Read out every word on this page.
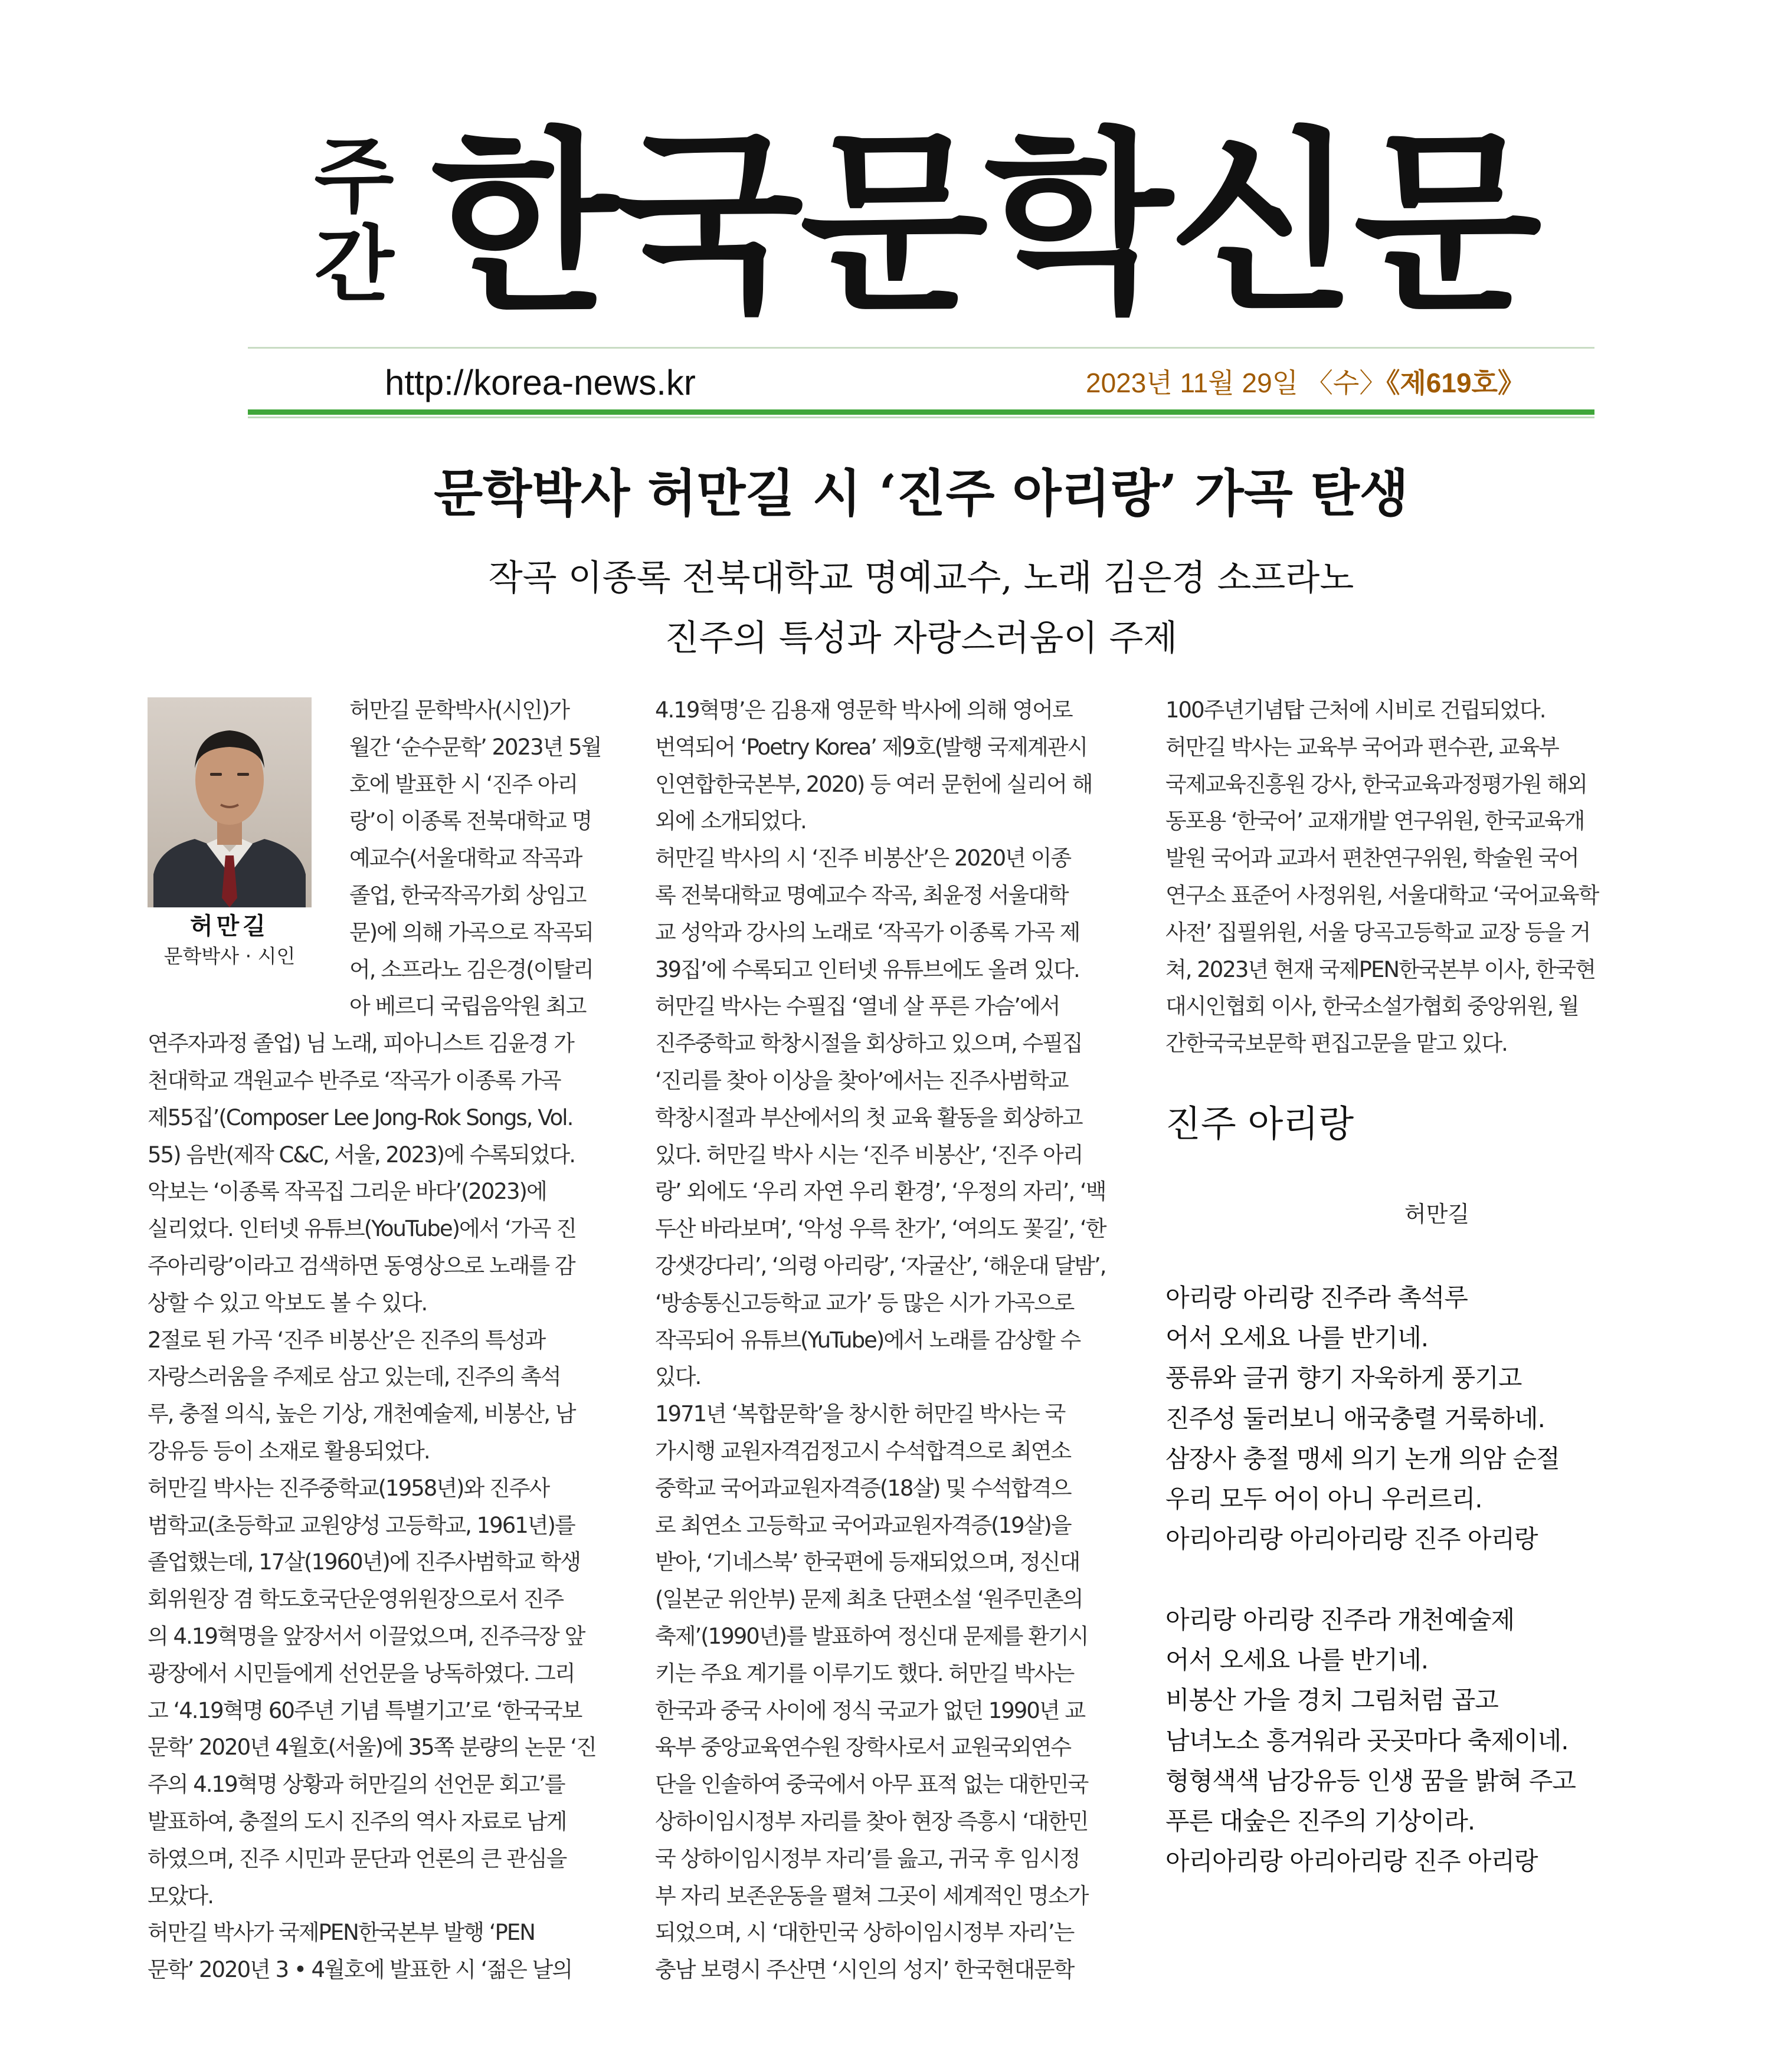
주간 한국문학신문
http://korea-news.kr	2023년 11월 29일 〈수〉《제619호》
문학박사 허만길 시 ‘진주 아리랑’ 가곡 탄생
작곡 이종록 전북대학교 명예교수, 노래 김은경 소프라노
진주의 특성과 자랑스러움이 주제
허만길
문학박사 · 시인
허만길 문학박사(시인)가
월간 ‘순수문학’ 2023년 5월
호에 발표한 시 ‘진주 아리
랑’이 이종록 전북대학교 명
예교수(서울대학교 작곡과
졸업, 한국작곡가회 상임고
문)에 의해 가곡으로 작곡되
어, 소프라노 김은경(이탈리
아 베르디 국립음악원 최고
연주자과정 졸업) 님 노래, 피아니스트 김윤경 가
천대학교 객원교수 반주로 ‘작곡가 이종록 가곡
제55집’(Composer Lee Jong-Rok Songs, Vol.
55) 음반(제작 C&C, 서울, 2023)에 수록되었다.
악보는 ‘이종록 작곡집 그리운 바다’(2023)에
실리었다. 인터넷 유튜브(YouTube)에서 ‘가곡 진
주아리랑’이라고 검색하면 동영상으로 노래를 감
상할 수 있고 악보도 볼 수 있다.
2절로 된 가곡 ‘진주 비봉산’은 진주의 특성과
자랑스러움을 주제로 삼고 있는데, 진주의 촉석
루, 충절 의식, 높은 기상, 개천예술제, 비봉산, 남
강유등 등이 소재로 활용되었다.
허만길 박사는 진주중학교(1958년)와 진주사
범학교(초등학교 교원양성 고등학교, 1961년)를
졸업했는데, 17살(1960년)에 진주사범학교 학생
회위원장 겸 학도호국단운영위원장으로서 진주
의 4.19혁명을 앞장서서 이끌었으며, 진주극장 앞
광장에서 시민들에게 선언문을 낭독하였다. 그리
고 ‘4.19혁명 60주년 기념 특별기고’로 ‘한국국보
문학’ 2020년 4월호(서울)에 35쪽 분량의 논문 ‘진
주의 4.19혁명 상황과 허만길의 선언문 회고’를
발표하여, 충절의 도시 진주의 역사 자료로 남게
하였으며, 진주 시민과 문단과 언론의 큰 관심을
모았다.
허만길 박사가 국제PEN한국본부 발행 ‘PEN
문학’ 2020년 3 • 4월호에 발표한 시 ‘젊은 날의
4.19혁명’은 김용재 영문학 박사에 의해 영어로
번역되어 ‘Poetry Korea’ 제9호(발행 국제계관시
인연합한국본부, 2020) 등 여러 문헌에 실리어 해
외에 소개되었다.
허만길 박사의 시 ‘진주 비봉산’은 2020년 이종
록 전북대학교 명예교수 작곡, 최윤정 서울대학
교 성악과 강사의 노래로 ‘작곡가 이종록 가곡 제
39집’에 수록되고 인터넷 유튜브에도 올려 있다.
허만길 박사는 수필집 ‘열네 살 푸른 가슴’에서
진주중학교 학창시절을 회상하고 있으며, 수필집
‘진리를 찾아 이상을 찾아’에서는 진주사범학교
학창시절과 부산에서의 첫 교육 활동을 회상하고
있다. 허만길 박사 시는 ‘진주 비봉산’, ‘진주 아리
랑’ 외에도 ‘우리 자연 우리 환경’, ‘우정의 자리’, ‘백
두산 바라보며’, ‘악성 우륵 찬가’, ‘여의도 꽃길’, ‘한
강샛강다리’, ‘의령 아리랑’, ‘자굴산’, ‘해운대 달밤’,
‘방송통신고등학교 교가’ 등 많은 시가 가곡으로
작곡되어 유튜브(YuTube)에서 노래를 감상할 수
있다.
1971년 ‘복합문학’을 창시한 허만길 박사는 국
가시행 교원자격검정고시 수석합격으로 최연소
중학교 국어과교원자격증(18살) 및 수석합격으
로 최연소 고등학교 국어과교원자격증(19살)을
받아, ‘기네스북’ 한국편에 등재되었으며, 정신대
(일본군 위안부) 문제 최초 단편소설 ‘원주민촌의
축제’(1990년)를 발표하여 정신대 문제를 환기시
키는 주요 계기를 이루기도 했다. 허만길 박사는
한국과 중국 사이에 정식 국교가 없던 1990년 교
육부 중앙교육연수원 장학사로서 교원국외연수
단을 인솔하여 중국에서 아무 표적 없는 대한민국
상하이임시정부 자리를 찾아 현장 즉흥시 ‘대한민
국 상하이임시정부 자리’를 읊고, 귀국 후 임시정
부 자리 보존운동을 펼쳐 그곳이 세계적인 명소가
되었으며, 시 ‘대한민국 상하이임시정부 자리’는
충남 보령시 주산면 ‘시인의 성지’ 한국현대문학
100주년기념탑 근처에 시비로 건립되었다.
허만길 박사는 교육부 국어과 편수관, 교육부
국제교육진흥원 강사, 한국교육과정평가원 해외
동포용 ‘한국어’ 교재개발 연구위원, 한국교육개
발원 국어과 교과서 편찬연구위원, 학술원 국어
연구소 표준어 사정위원, 서울대학교 ‘국어교육학
사전’ 집필위원, 서울 당곡고등학교 교장 등을 거
쳐, 2023년 현재 국제PEN한국본부 이사, 한국현
대시인협회 이사, 한국소설가협회 중앙위원, 월
간한국국보문학 편집고문을 맡고 있다.
진주 아리랑
허만길
아리랑 아리랑 진주라 촉석루
어서 오세요 나를 반기네.
풍류와 글귀 향기 자욱하게 풍기고
진주성 둘러보니 애국충렬 거룩하네.
삼장사 충절 맹세 의기 논개 의암 순절
우리 모두 어이 아니 우러르리.
아리아리랑 아리아리랑 진주 아리랑
아리랑 아리랑 진주라 개천예술제
어서 오세요 나를 반기네.
비봉산 가을 경치 그림처럼 곱고
남녀노소 흥겨워라 곳곳마다 축제이네.
형형색색 남강유등 인생 꿈을 밝혀 주고
푸른 대숲은 진주의 기상이라.
아리아리랑 아리아리랑 진주 아리랑
